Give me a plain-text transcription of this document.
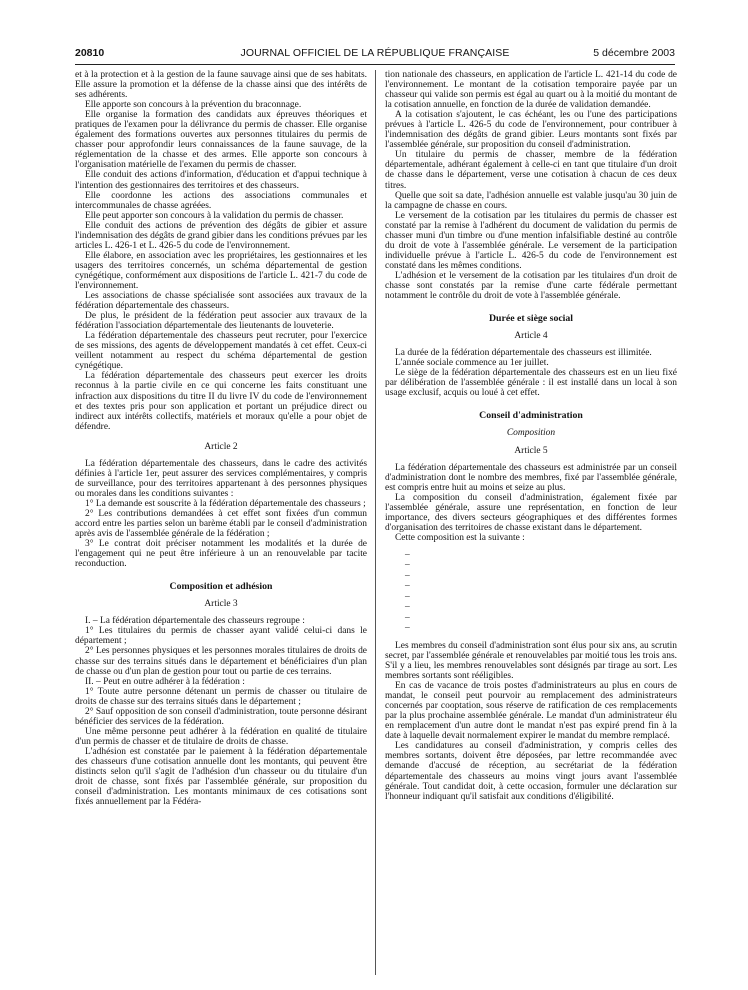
20810	JOURNAL OFFICIEL DE LA RÉPUBLIQUE FRANÇAISE	5 décembre 2003

et à la protection et à la gestion de la faune sauvage ainsi que de ses habitats. Elle assure la promotion et la défense de la chasse ainsi que des intérêts de ses adhérents.

Elle apporte son concours à la prévention du braconnage.

Elle organise la formation des candidats aux épreuves théoriques et pratiques de l'examen pour la délivrance du permis de chasser. Elle organise également des formations ouvertes aux personnes titulaires du permis de chasser pour approfondir leurs connaissances de la faune sauvage, de la réglementation de la chasse et des armes. Elle apporte son concours à l'organisation matérielle de l'examen du permis de chasser.

Elle conduit des actions d'information, d'éducation et d'appui technique à l'intention des gestionnaires des territoires et des chasseurs.

Elle coordonne les actions des associations communales et intercommunales de chasse agréées.

Elle peut apporter son concours à la validation du permis de chasser.

Elle conduit des actions de prévention des dégâts de gibier et assure l'indemnisation des dégâts de grand gibier dans les conditions prévues par les articles L. 426-1 et L. 426-5 du code de l'environnement.

Elle élabore, en association avec les propriétaires, les gestionnaires et les usagers des territoires concernés, un schéma départemental de gestion cynégétique, conformément aux dispositions de l'article L. 421-7 du code de l'environnement.

Les associations de chasse spécialisée sont associées aux travaux de la fédération départementale des chasseurs.

De plus, le président de la fédération peut associer aux travaux de la fédération l'association départementale des lieutenants de louveterie.

La fédération départementale des chasseurs peut recruter, pour l'exercice de ses missions, des agents de développement mandatés à cet effet. Ceux-ci veillent notamment au respect du schéma départemental de gestion cynégétique.

La fédération départementale des chasseurs peut exercer les droits reconnus à la partie civile en ce qui concerne les faits constituant une infraction aux dispositions du titre II du livre IV du code de l'environnement et des textes pris pour son application et portant un préjudice direct ou indirect aux intérêts collectifs, matériels et moraux qu'elle a pour objet de défendre.

Article 2

La fédération départementale des chasseurs, dans le cadre des activités définies à l'article 1er, peut assurer des services complémentaires, y compris de surveillance, pour des territoires appartenant à des personnes physiques ou morales dans les conditions suivantes :

1° La demande est souscrite à la fédération départementale des chasseurs ;

2° Les contributions demandées à cet effet sont fixées d'un commun accord entre les parties selon un barème établi par le conseil d'administration après avis de l'assemblée générale de la fédération ;

3° Le contrat doit préciser notamment les modalités et la durée de l'engagement qui ne peut être inférieure à un an renouvelable par tacite reconduction.

Composition et adhésion

Article 3

I. – La fédération départementale des chasseurs regroupe :

1° Les titulaires du permis de chasser ayant validé celui-ci dans le département ;

2° Les personnes physiques et les personnes morales titulaires de droits de chasse sur des terrains situés dans le département et bénéficiaires d'un plan de chasse ou d'un plan de gestion pour tout ou partie de ces terrains.

II. – Peut en outre adhérer à la fédération :

1° Toute autre personne détenant un permis de chasser ou titulaire de droits de chasse sur des terrains situés dans le département ;

2° Sauf opposition de son conseil d'administration, toute personne désirant bénéficier des services de la fédération.

Une même personne peut adhérer à la fédération en qualité de titulaire d'un permis de chasser et de titulaire de droits de chasse.

L'adhésion est constatée par le paiement à la fédération départementale des chasseurs d'une cotisation annuelle dont les montants, qui peuvent être distincts selon qu'il s'agit de l'adhésion d'un chasseur ou du titulaire d'un droit de chasse, sont fixés par l'assemblée générale, sur proposition du conseil d'administration. Les montants minimaux de ces cotisations sont fixés annuellement par la Fédéra-

tion nationale des chasseurs, en application de l'article L. 421-14 du code de l'environnement. Le montant de la cotisation temporaire payée par un chasseur qui valide son permis est égal au quart ou à la moitié du montant de la cotisation annuelle, en fonction de la durée de validation demandée.

A la cotisation s'ajoutent, le cas échéant, les ou l'une des participations prévues à l'article L. 426-5 du code de l'environnement, pour contribuer à l'indemnisation des dégâts de grand gibier. Leurs montants sont fixés par l'assemblée générale, sur proposition du conseil d'administration.

Un titulaire du permis de chasser, membre de la fédération départementale, adhérant également à celle-ci en tant que titulaire d'un droit de chasse dans le département, verse une cotisation à chacun de ces deux titres.

Quelle que soit sa date, l'adhésion annuelle est valable jusqu'au 30 juin de la campagne de chasse en cours.

Le versement de la cotisation par les titulaires du permis de chasser est constaté par la remise à l'adhérent du document de validation du permis de chasser muni d'un timbre ou d'une mention infalsifiable destiné au contrôle du droit de vote à l'assemblée générale. Le versement de la participation individuelle prévue à l'article L. 426-5 du code de l'environnement est constaté dans les mêmes conditions.

L'adhésion et le versement de la cotisation par les titulaires d'un droit de chasse sont constatés par la remise d'une carte fédérale permettant notamment le contrôle du droit de vote à l'assemblée générale.

Durée et siège social

Article 4

La durée de la fédération départementale des chasseurs est illimitée.

L'année sociale commence au 1er juillet.

Le siège de la fédération départementale des chasseurs est en un lieu fixé par délibération de l'assemblée générale : il est installé dans un local à son usage exclusif, acquis ou loué à cet effet.

Conseil d'administration

Composition

Article 5

La fédération départementale des chasseurs est administrée par un conseil d'administration dont le nombre des membres, fixé par l'assemblée générale, est compris entre huit au moins et seize au plus.

La composition du conseil d'administration, également fixée par l'assemblée générale, assure une représentation, en fonction de leur importance, des divers secteurs géographiques et des différentes formes d'organisation des territoires de chasse existant dans le département.

Cette composition est la suivante :

–

–

–

–

–

–

–

–

Les membres du conseil d'administration sont élus pour six ans, au scrutin secret, par l'assemblée générale et renouvelables par moitié tous les trois ans. S'il y a lieu, les membres renouvelables sont désignés par tirage au sort. Les membres sortants sont rééligibles.

En cas de vacance de trois postes d'administrateurs au plus en cours de mandat, le conseil peut pourvoir au remplacement des administrateurs concernés par cooptation, sous réserve de ratification de ces remplacements par la plus prochaine assemblée générale. Le mandat d'un administrateur élu en remplacement d'un autre dont le mandat n'est pas expiré prend fin à la date à laquelle devait normalement expirer le mandat du membre remplacé.

Les candidatures au conseil d'administration, y compris celles des membres sortants, doivent être déposées, par lettre recommandée avec demande d'accusé de réception, au secrétariat de la fédération départementale des chasseurs au moins vingt jours avant l'assemblée générale. Tout candidat doit, à cette occasion, formuler une déclaration sur l'honneur indiquant qu'il satisfait aux conditions d'éligibilité.
